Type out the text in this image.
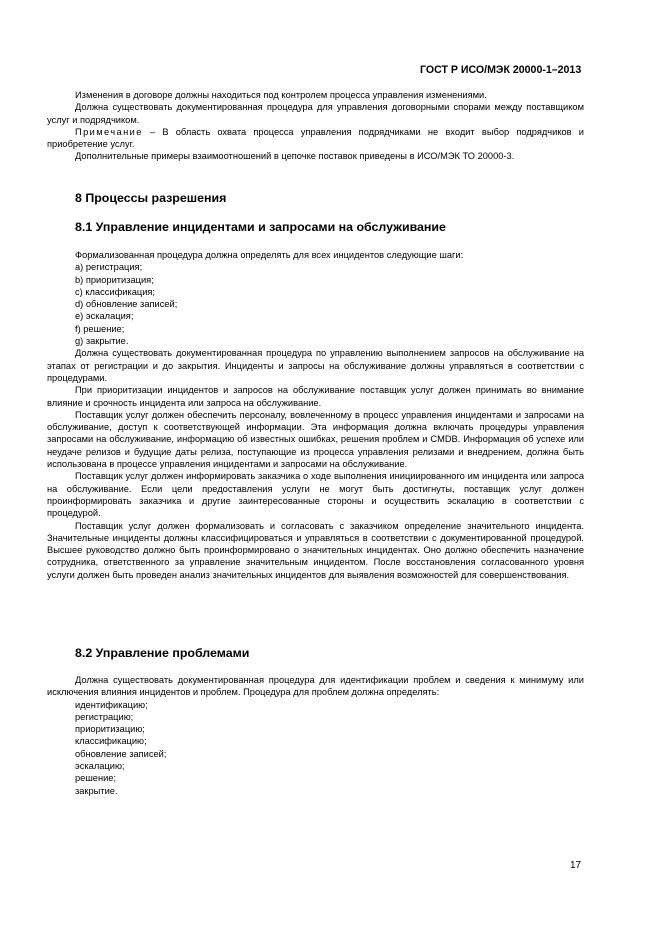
ГОСТ Р ИСО/МЭК 20000-1–2013

Изменения в договоре должны находиться под контролем процесса управления изменениями.

Должна существовать документированная процедура для управления договорными спорами между поставщиком услуг и подрядчиком.

Примечание – В область охвата процесса управления подрядчиками не входит выбор подрядчиков и приобретение услуг.

Дополнительные примеры взаимоотношений в цепочке поставок приведены в ИСО/МЭК ТО 20000-3.

8 Процессы разрешения
8.1 Управление инцидентами и запросами на обслуживание

Формализованная процедура должна определять для всех инцидентов следующие шаги:

a) регистрация;

b) приоритизация;

c) классификация;

d) обновление записей;

e) эскалация;

f) решение;

g) закрытие.

Должна существовать документированная процедура по управлению выполнением запросов на обслуживание на этапах от регистрации и до закрытия. Инциденты и запросы на обслуживание должны управляться в соответствии с процедурами.

При приоритизации инцидентов и запросов на обслуживание поставщик услуг должен принимать во внимание влияние и срочность инцидента или запроса на обслуживание.

Поставщик услуг должен обеспечить персоналу, вовлеченному в процесс управления инцидентами и запросами на обслуживание, доступ к соответствующей информации. Эта информация должна включать процедуры управления запросами на обслуживание, информацию об известных ошибках, решения проблем и CMDB. Информация об успехе или неудаче релизов и будущие даты релиза, поступающие из процесса управления релизами и внедрением, должна быть использована в процессе управления инцидентами и запросами на обслуживание.

Поставщик услуг должен информировать заказчика о ходе выполнения инициированного им инцидента или запроса на обслуживание. Если цели предоставления услуги не могут быть достигнуты, поставщик услуг должен проинформировать заказчика и другие заинтересованные стороны и осуществить эскалацию в соответствии с процедурой.

Поставщик услуг должен формализовать и согласовать с заказчиком определение значительного инцидента. Значительные инциденты должны классифицироваться и управляться в соответствии с документированной процедурой. Высшее руководство должно быть проинформировано о значительных инцидентах. Оно должно обеспечить назначение сотрудника, ответственного за управление значительным инцидентом. После восстановления согласованного уровня услуги должен быть проведен анализ значительных инцидентов для выявления возможностей для совершенствования.

8.2 Управление проблемами

Должна существовать документированная процедура для идентификации проблем и сведения к минимуму или исключения влияния инцидентов и проблем. Процедура для проблем должна определять:

идентификацию;

регистрацию;

приоритизацию;

классификацию;

обновление записей;

эскалацию;

решение;

закрытие.

17
